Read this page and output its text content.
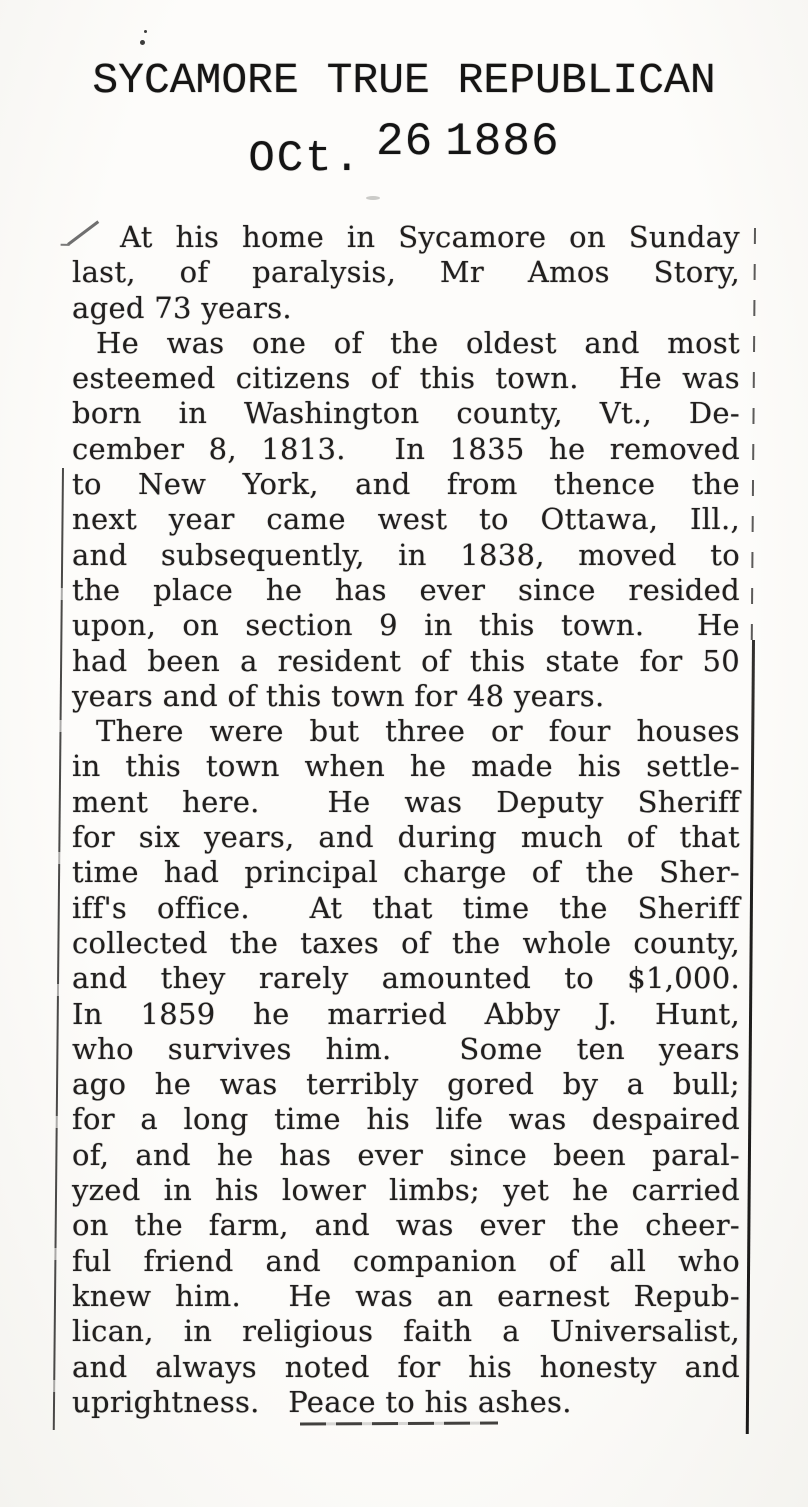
SYCAMORE TRUE REPUBLICAN
OCt. 26 1886
At his home in Sycamore on Sunday
last, of paralysis, Mr Amos Story,
aged 73 years.
He was one of the oldest and most
esteemed citizens of this town.  He was
born in Washington county, Vt., De-
cember 8, 1813.  In 1835 he removed
to New York, and from thence the
next year came west to Ottawa, Ill.,
and subsequently, in 1838, moved to
the place he has ever since resided
upon, on section 9 in this town.  He
had been a resident of this state for 50
years and of this town for 48 years.
There were but three or four houses
in this town when he made his settle-
ment here.  He was Deputy Sheriff
for six years, and during much of that
time had principal charge of the Sher-
iff's office.  At that time the Sheriff
collected the taxes of the whole county,
and they rarely amounted to $1,000.
In 1859 he married Abby J. Hunt,
who survives him.  Some ten years
ago he was terribly gored by a bull;
for a long time his life was despaired
of, and he has ever since been paral-
yzed in his lower limbs; yet he carried
on the farm, and was ever the cheer-
ful friend and companion of all who
knew him.  He was an earnest Repub-
lican, in religious faith a Universalist,
and always noted for his honesty and
uprightness.   Peace to his ashes.
